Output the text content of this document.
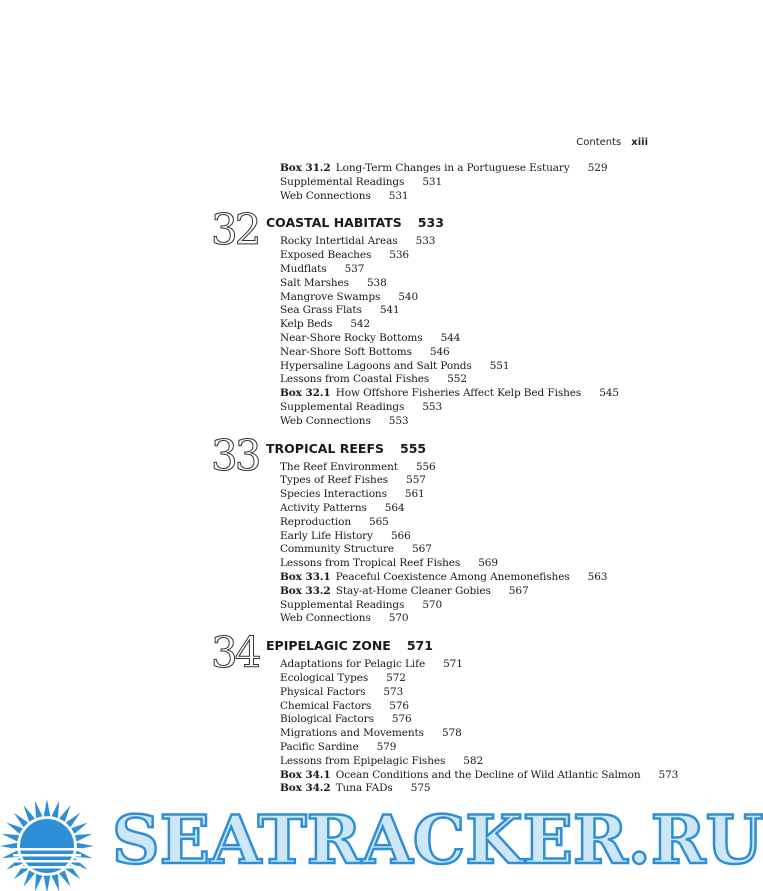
Contents xiii
Box 31.2  Long-Term Changes in a Portuguese Estuary 529
Supplemental Readings 531
Web Connections 531
32 COASTAL HABITATS 533
Rocky Intertidal Areas 533
Exposed Beaches 536
Mudflats 537
Salt Marshes 538
Mangrove Swamps 540
Sea Grass Flats 541
Kelp Beds 542
Near-Shore Rocky Bottoms 544
Near-Shore Soft Bottoms 546
Hypersaline Lagoons and Salt Ponds 551
Lessons from Coastal Fishes 552
Box 32.1  How Offshore Fisheries Affect Kelp Bed Fishes 545
Supplemental Readings 553
Web Connections 553
33 TROPICAL REEFS 555
The Reef Environment 556
Types of Reef Fishes 557
Species Interactions 561
Activity Patterns 564
Reproduction 565
Early Life History 566
Community Structure 567
Lessons from Tropical Reef Fishes 569
Box 33.1  Peaceful Coexistence Among Anemonefishes 563
Box 33.2  Stay-at-Home Cleaner Gobies 567
Supplemental Readings 570
Web Connections 570
34 EPIPELAGIC ZONE 571
Adaptations for Pelagic Life 571
Ecological Types 572
Physical Factors 573
Chemical Factors 576
Biological Factors 576
Migrations and Movements 578
Pacific Sardine 579
Lessons from Epipelagic Fishes 582
Box 34.1  Ocean Conditions and the Decline of Wild Atlantic Salmon 573
Box 34.2  Tuna FADs 575
SEATRACKER.RU
